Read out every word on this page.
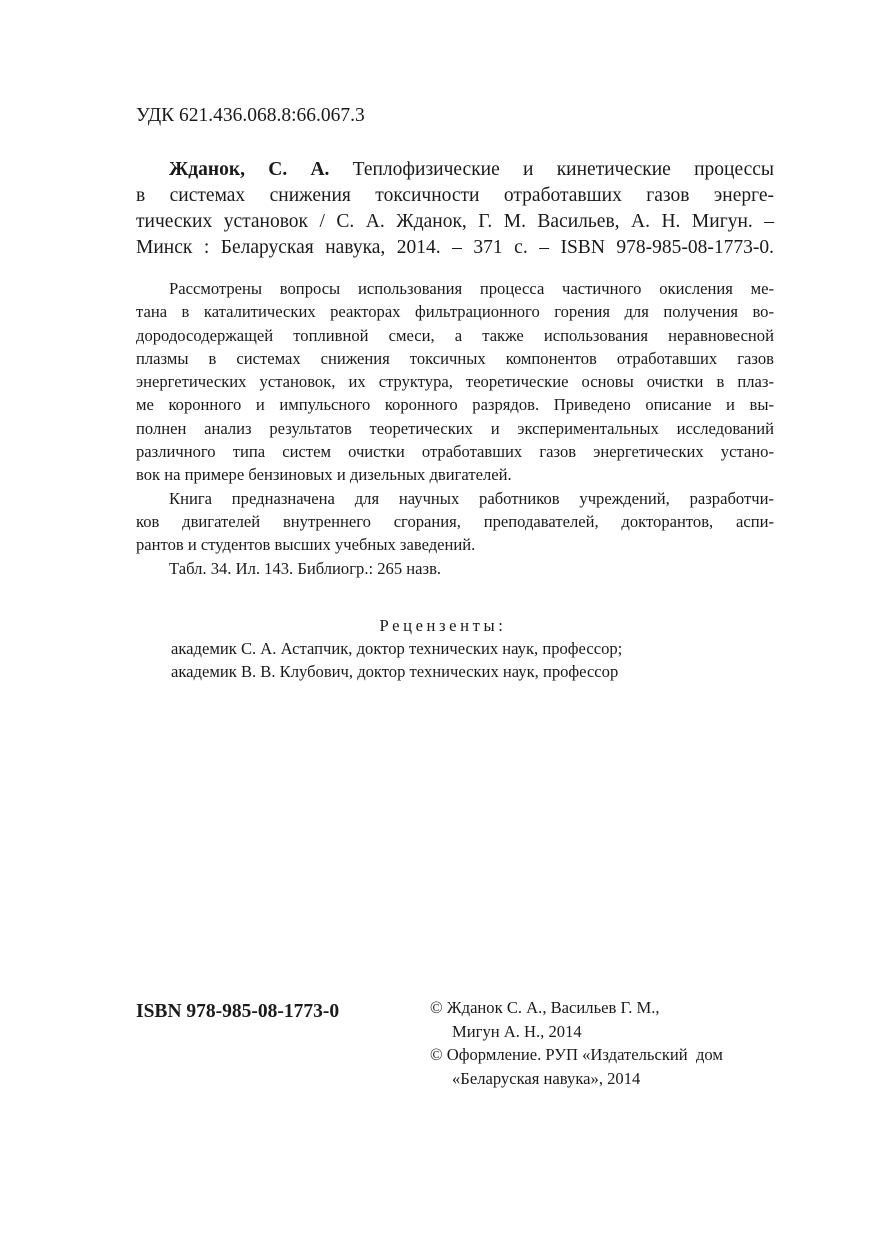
УДК 621.436.068.8:66.067.3
Жданок, С. А. Теплофизические и кинетические процессы
в системах снижения токсичности отработавших газов энерге-
тических установок / С. А. Жданок, Г. М. Васильев, А. Н. Мигун. –
Минск : Беларуская навука, 2014. – 371 с. – ISBN 978-985-08-1773-0.
Рассмотрены вопросы использования процесса частичного окисления ме-
тана в каталитических реакторах фильтрационного горения для получения во-
дородосодержащей топливной смеси, а также использования неравновесной
плазмы в системах снижения токсичных компонентов отработавших газов
энергетических установок, их структура, теоретические основы очистки в плаз-
ме коронного и импульсного коронного разрядов. Приведено описание и вы-
полнен анализ результатов теоретических и экспериментальных исследований
различного типа систем очистки отработавших газов энергетических устано-
вок на примере бензиновых и дизельных двигателей.
Книга предназначена для научных работников учреждений, разработчи-
ков двигателей внутреннего сгорания, преподавателей, докторантов, аспи-
рантов и студентов высших учебных заведений.
Табл. 34. Ил. 143. Библиогр.: 265 назв.
Рецензенты:
академик С. А. Астапчик, доктор технических наук, профессор;
академик В. В. Клубович, доктор технических наук, профессор
ISBN 978-985-08-1773-0	© Жданок С. А., Васильев Г. М.,
Мигун А. Н., 2014
© Оформление. РУП «Издательский  дом
«Беларуская навука», 2014
